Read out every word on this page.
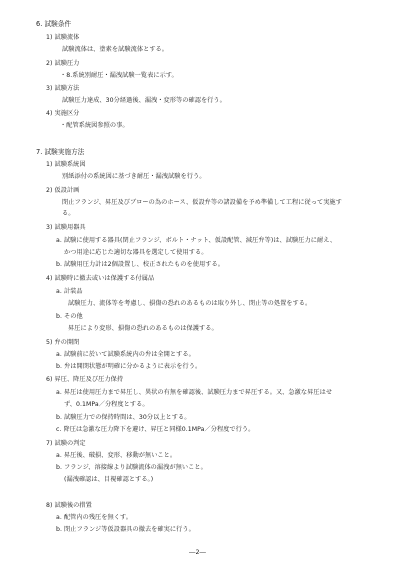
6. 試験条件
1) 試験流体
試験流体は、塗素を試験流体とする。
2) 試験圧力
・8.系統別耐圧・漏洩試験一覧表に示す。
3) 試験方法
試験圧力達成、30分経過後、漏洩・変形等の確認を行う。
4) 実施区分
・配管系統図参照の事。
7. 試験実施方法
1) 試験系統図
別紙添付の系統図に基づき耐圧・漏洩試験を行う。
2) 仮設計画
閉止フランジ、昇圧及びブローの為のホース、仮設弁等の諸設備を予め準備して工程に従って実施す
る。
3) 試験用器具
a. 試験に使用する器具(閉止フランジ、ボルト・ナット、仮設配管、減圧弁等)は、試験圧力に耐え、
かつ用途に応じた適切な器具を選定して使用する。
b. 試験用圧力計は2個設置し、校正されたものを使用する。
4) 試験時に撤去或いは保護する付属品
a. 計装品
試験圧力、流体等を考慮し、損傷の恐れのあるものは取り外し、閉止等の処置をする。
b. その他
昇圧により変形、損傷の恐れのあるものは保護する。
5) 弁の開閉
a. 試験前に於いて試験系統内の弁は全開とする。
b. 弁は開閉状態が明確に分かるように表示を行う。
6) 昇圧、降圧及び圧力保持
a. 昇圧は使用圧力まで昇圧し、異状の有無を確認後、試験圧力まで昇圧する。又、急激な昇圧はせ
ず、0.1MPa／分程度とする。
b. 試験圧力での保持時間は、30分以上とする。
c. 降圧は急激な圧力降下を避け、昇圧と同様0.1MPa／分程度で行う。
7) 試験の判定
a. 昇圧後、破損、変形、移動が無いこと。
b. フランジ、溶接線より試験流体の漏洩が無いこと。
(漏洩確認は、目視確認とする。)
8) 試験後の措置
a. 配管内の残圧を無くす。
b. 閉止フランジ等仮設器具の撤去を確実に行う。
―2―
